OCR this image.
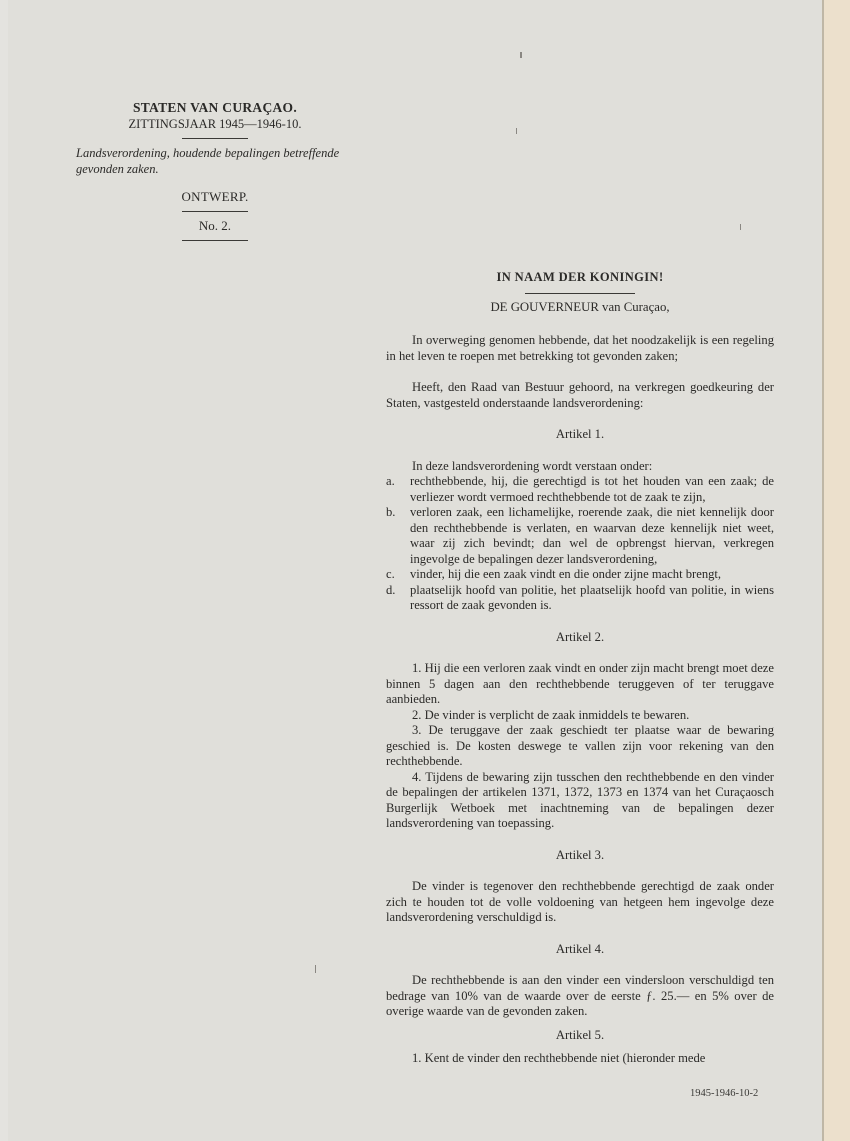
STATEN VAN CURAÇAO.

ZITTINGSJAAR 1945—1946-10.

Landsverordening, houdende bepalingen betreffende gevonden zaken.

ONTWERP.

No. 2.

IN NAAM DER KONINGIN!

DE GOUVERNEUR van Curaçao,

In overweging genomen hebbende, dat het noodzakelijk is een regeling in het leven te roepen met betrekking tot gevonden zaken;

Heeft, den Raad van Bestuur gehoord, na verkregen goedkeuring der Staten, vastgesteld onderstaande landsverordening:

Artikel 1.

In deze landsverordening wordt verstaan onder:

a. rechthebbende, hij, die gerechtigd is tot het houden van een zaak; de verliezer wordt vermoed rechthebbende tot de zaak te zijn,
b. verloren zaak, een lichamelijke, roerende zaak, die niet kennelijk door den rechthebbende is verlaten, en waarvan deze kennelijk niet weet, waar zij zich bevindt; dan wel de opbrengst hiervan, verkregen ingevolge de bepalingen dezer landsverordening,
c. vinder, hij die een zaak vindt en die onder zijne macht brengt,
d. plaatselijk hoofd van politie, het plaatselijk hoofd van politie, in wiens ressort de zaak gevonden is.

Artikel 2.

1. Hij die een verloren zaak vindt en onder zijn macht brengt moet deze binnen 5 dagen aan den rechthebbende teruggeven of ter teruggave aanbieden.

2. De vinder is verplicht de zaak inmiddels te bewaren.

3. De teruggave der zaak geschiedt ter plaatse waar de bewaring geschied is. De kosten deswege te vallen zijn voor rekening van den rechthebbende.

4. Tijdens de bewaring zijn tusschen den rechthebbende en den vinder de bepalingen der artikelen 1371, 1372, 1373 en 1374 van het Curaçaosch Burgerlijk Wetboek met inachtneming van de bepalingen dezer landsverordening van toepassing.

Artikel 3.

De vinder is tegenover den rechthebbende gerechtigd de zaak onder zich te houden tot de volle voldoening van hetgeen hem ingevolge deze landsverordening verschuldigd is.

Artikel 4.

De rechthebbende is aan den vinder een vindersloon verschuldigd ten bedrage van 10% van de waarde over de eerste ƒ. 25.— en 5% over de overige waarde van de gevonden zaken.

Artikel 5.

1. Kent de vinder den rechthebbende niet (hieronder mede

1945-1946-10-2
